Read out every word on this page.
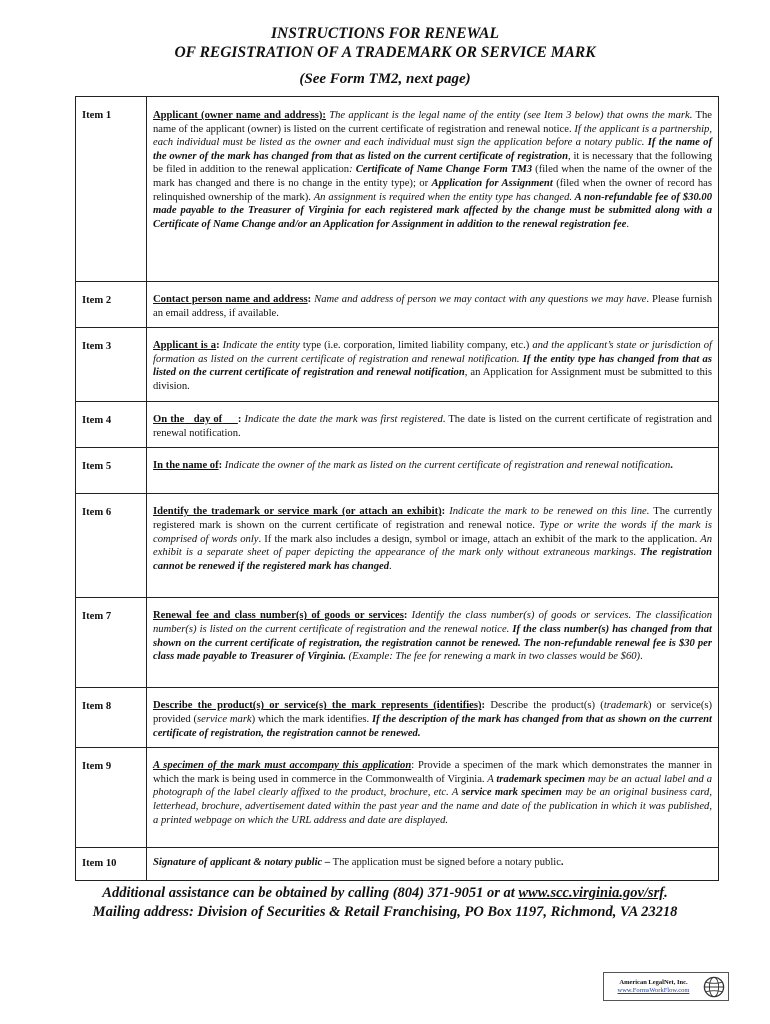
INSTRUCTIONS FOR RENEWAL
OF REGISTRATION OF A TRADEMARK OR SERVICE MARK
(See Form TM2, next page)
Item 1	Applicant (owner name and address): The applicant is the legal name of the entity (see Item 3 below) that owns the mark. The name of the applicant (owner) is listed on the current certificate of registration and renewal notice. If the applicant is a partnership, each individual must be listed as the owner and each individual must sign the application before a notary public. If the name of the owner of the mark has changed from that as listed on the current certificate of registration, it is necessary that the following be filed in addition to the renewal application: Certificate of Name Change Form TM3 (filed when the name of the owner of the mark has changed and there is no change in the entity type); or Application for Assignment (filed when the owner of record has relinquished ownership of the mark). An assignment is required when the entity type has changed. A non-refundable fee of $30.00 made payable to the Treasurer of Virginia for each registered mark affected by the change must be submitted along with a Certificate of Name Change and/or an Application for Assignment in addition to the renewal registration fee.
Item 2	Contact person name and address: Name and address of person we may contact with any questions we may have. Please furnish an email address, if available.
Item 3	Applicant is a: Indicate the entity type (i.e. corporation, limited liability company, etc.) and the applicant’s state or jurisdiction of formation as listed on the current certificate of registration and renewal notification. If the entity type has changed from that as listed on the current certificate of registration and renewal notification, an Application for Assignment must be submitted to this division.
Item 4	On the   day of : Indicate the date the mark was first registered. The date is listed on the current certificate of registration and renewal notification.
Item 5	In the name of: Indicate the owner of the mark as listed on the current certificate of registration and renewal notification.
Item 6	Identify the trademark or service mark (or attach an exhibit): Indicate the mark to be renewed on this line. The currently registered mark is shown on the current certificate of registration and renewal notice. Type or write the words if the mark is comprised of words only. If the mark also includes a design, symbol or image, attach an exhibit of the mark to the application. An exhibit is a separate sheet of paper depicting the appearance of the mark only without extraneous markings. The registration cannot be renewed if the registered mark has changed.
Item 7	Renewal fee and class number(s) of goods or services: Identify the class number(s) of goods or services. The classification number(s) is listed on the current certificate of registration and the renewal notice. If the class number(s) has changed from that shown on the current certificate of registration, the registration cannot be renewed. The non-refundable renewal fee is $30 per class made payable to Treasurer of Virginia. (Example: The fee for renewing a mark in two classes would be $60).
Item 8	Describe the product(s) or service(s) the mark represents (identifies): Describe the product(s) (trademark) or service(s) provided (service mark) which the mark identifies. If the description of the mark has changed from that as shown on the current certificate of registration, the registration cannot be renewed.
Item 9	A specimen of the mark must accompany this application: Provide a specimen of the mark which demonstrates the manner in which the mark is being used in commerce in the Commonwealth of Virginia. A trademark specimen may be an actual label and a photograph of the label clearly affixed to the product, brochure, etc. A service mark specimen may be an original business card, letterhead, brochure, advertisement dated within the past year and the name and date of the publication in which it was published, a printed webpage on which the URL address and date are displayed.
Item 10	Signature of applicant & notary public – The application must be signed before a notary public.
Additional assistance can be obtained by calling (804) 371-9051 or at www.scc.virginia.gov/srf.
Mailing address: Division of Securities & Retail Franchising, PO Box 1197, Richmond, VA 23218
American LegalNet, Inc.
www.FormsWorkFlow.com
